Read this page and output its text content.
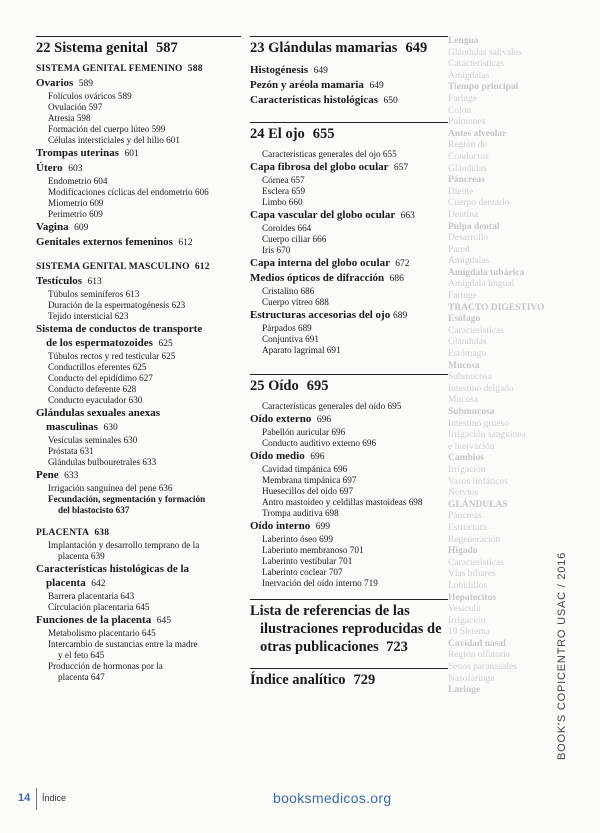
22 Sistema genital 587
SISTEMA GENITAL FEMENINO 588
Ovarios 589
Folículos ováricos 589
Ovulación 597
Atresia 598
Formación del cuerpo lúteo 599
Células intersticiales y del hilio 601
Trompas uterinas 601
Útero 603
Endometrio 604
Modificaciones cíclicas del endometrio 606
Miometrio 609
Perimetrio 609
Vagina 609
Genitales externos femeninos 612
SISTEMA GENITAL MASCULINO 612
Testículos 613
Túbulos seminíferos 613
Duración de la espermatogénesis 623
Tejido intersticial 623
Sistema de conductos de transporte
de los espermatozoides 625
Túbulos rectos y red testicular 625
Conductillos eferentes 625
Conducto del epidídimo 627
Conducto deferente 628
Conducto eyaculador 630
Glándulas sexuales anexas
masculinas 630
Vesículas seminales 630
Próstata 631
Glándulas bulbouretrales 633
Pene 633
Irrigación sanguínea del pene 636
Fecundación, segmentación y formación
del blastocisto 637
PLACENTA 638
Implantación y desarrollo temprano de la
placenta 639
Características histológicas de la
placenta 642
Barrera placentaria 643
Circulación placentaria 645
Funciones de la placenta 645
Metabolismo placentario 645
Intercambio de sustancias entre la madre
y el feto 645
Producción de hormonas por la
placenta 647
23 Glándulas mamarias 649
Histogénesis 649
Pezón y aréola mamaria 649
Características histológicas 650
24 El ojo 655
Características generales del ojo 655
Capa fibrosa del globo ocular 657
Córnea 657
Esclera 659
Limbo 660
Capa vascular del globo ocular 663
Coroides 664
Cuerpo ciliar 666
Iris 670
Capa interna del globo ocular 672
Medios ópticos de difracción 686
Cristalino 686
Cuerpo vítreo 688
Estructuras accesorias del ojo 689
Párpados 689
Conjuntiva 691
Aparato lagrimal 691
25 Oído 695
Características generales del oído 695
Oído externo 696
Pabellón auricular 696
Conducto auditivo externo 696
Oído medio 696
Cavidad timpánica 696
Membrana timpánica 697
Huesecillos del oído 697
Antro mastoideo y celdillas mastoideas 698
Trompa auditiva 698
Oído interno 699
Laberinto óseo 699
Laberinto membranoso 701
Laberinto vestibular 701
Laberinto coclear 707
Inervación del oído interno 719
Lista de referencias de las
ilustraciones reproducidas de
otras publicaciones 723
Índice analítico 729
Lengua
Glándulas salivales
Características
Amígdalas
Tiempo principal
Faringe
Colon
Pulmones
Antes alveolar
Región de
Conductos
Glándulas
Páncreas
Diente
Cuerpo dentario
Dentina
Pulpa dental
Desarrollo
Pared
Amígdalas
Amígdala tubárica
Amígdala lingual
Faringe
TRACTO DIGESTIVO
Esófago
Características
Glándulas
Estómago
Mucosa
Submucosa
Intestino delgado
Mucosa
Submucosa
Intestino grueso
Irrigación sanguínea
e inervación
Cambios
Irrigación
Vasos linfáticos
Nervios
GLÁNDULAS
Páncreas
Estructura
Regeneración
Hígado
Características
Vías biliares
Lobulillos
Hepatocitos
Vesícula
Irrigación
19 Sistema
Cavidad nasal
Región olfatoria
Senos paranasales
Nasofaringe
Laringe	BOOK'S COPICENTRO USAC / 2016
14 Índice	booksmedicos.org
